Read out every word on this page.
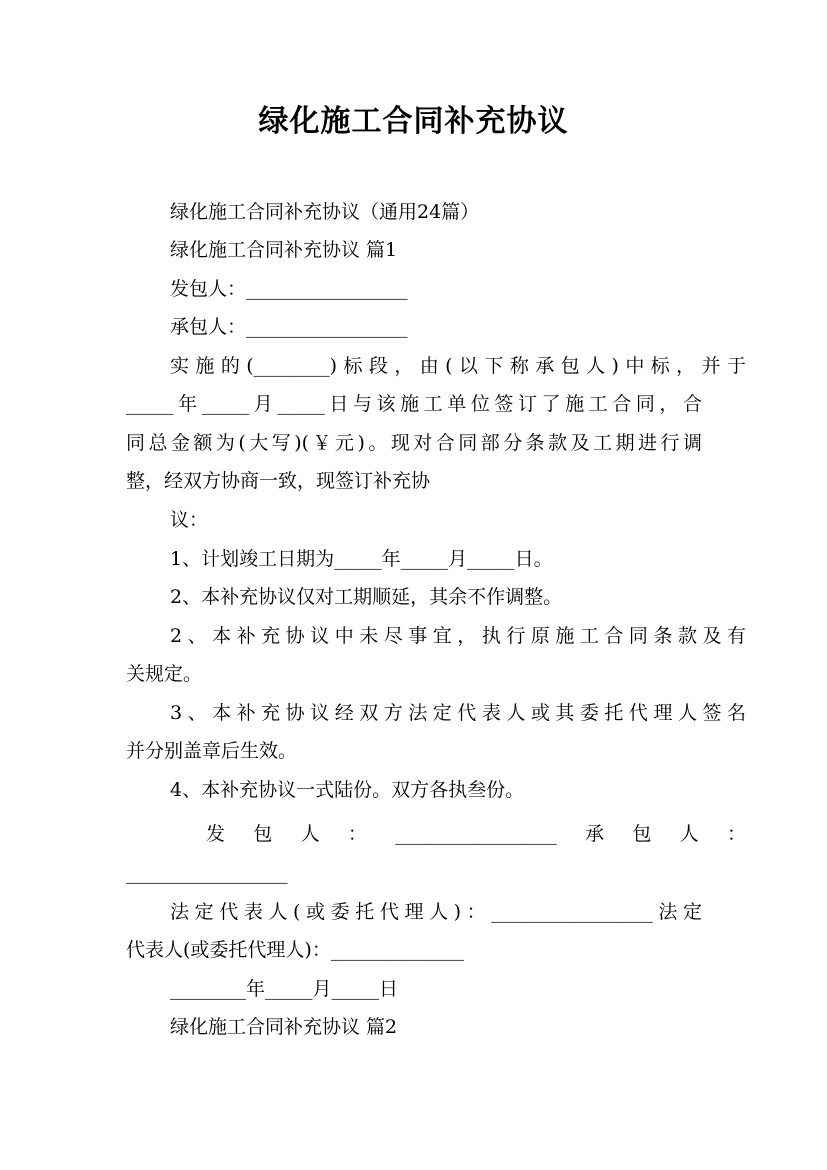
绿化施工合同补充协议
绿化施工合同补充协议（通用24篇）
绿化施工合同补充协议 篇1
发包人：_________________
承包人：_________________
实施的(________)标段，由(以下称承包人)中标，并于
_____年_____月_____日与该施工单位签订了施工合同，合
同总金额为(大写)(￥元)。现对合同部分条款及工期进行调
整，经双方协商一致，现签订补充协
议：
1、计划竣工日期为_____年_____月_____日。
2、本补充协议仅对工期顺延，其余不作调整。
2、本补充协议中未尽事宜，执行原施工合同条款及有
关规定。
3、本补充协议经双方法定代表人或其委托代理人签名
并分别盖章后生效。
4、本补充协议一式陆份。双方各执叁份。
发包人：_________________承包人：
_________________
法定代表人(或委托代理人)：_________________法定
代表人(或委托代理人)：______________
________年_____月_____日
绿化施工合同补充协议 篇2
